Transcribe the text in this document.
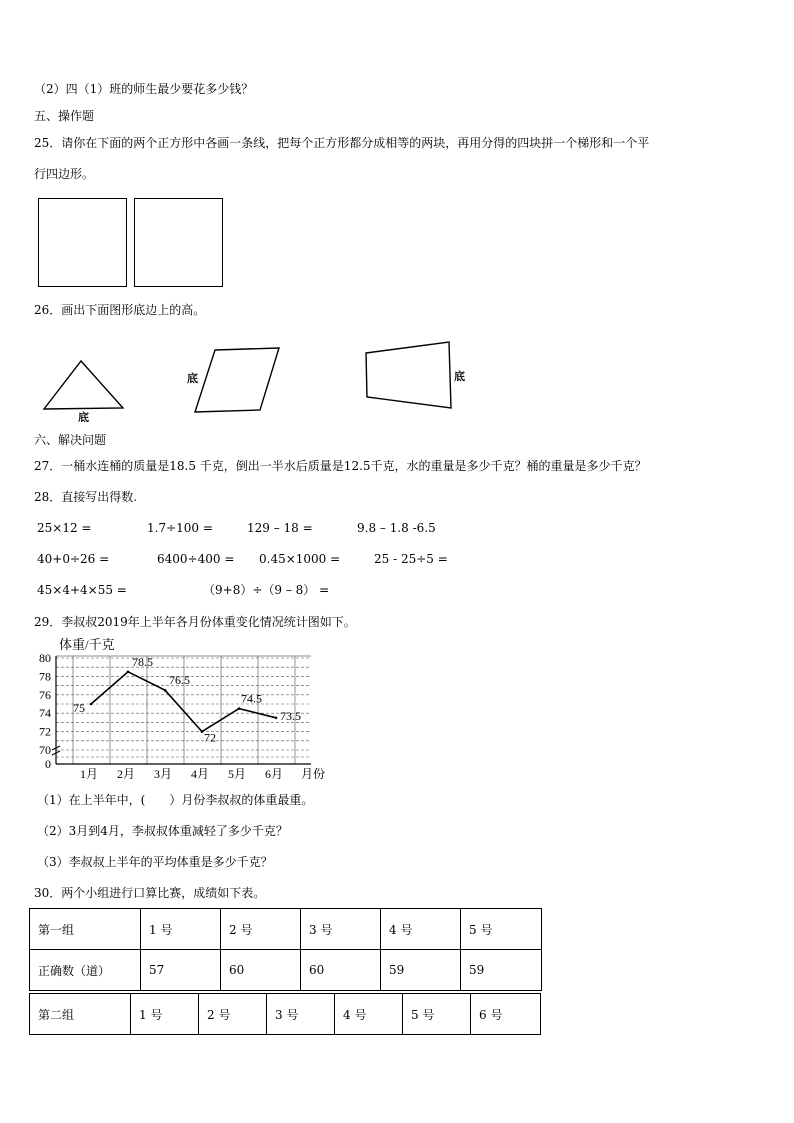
（2）四（1）班的师生最少要花多少钱？
五、操作题
25．请你在下面的两个正方形中各画一条线，把每个正方形都分成相等的两块，再用分得的四块拼一个梯形和一个平
行四边形。
26．画出下面图形底边上的高。
底
底	底
六、解决问题
27．一桶水连桶的质量是18.5 千克，倒出一半水后质量是12.5千克，水的重量是多少千克？桶的重量是多少千克？
28．直接写出得数.
25×12 =	1.7÷100 =	129 – 18 =	9.8 – 1.8 -6.5
40+0÷26 =	6400÷400 = 0.45×1000 =	25 - 25÷5 =
45×4+4×55 =	（9+8）÷（9 – 8） =
29．李叔叔2019年上半年各月份体重变化情况统计图如下。
体重/千克
月份
80
78
76
74
72
70
0
1月 2月 3月 4月 5月 6月
75
78.5
76.5
72
74.5
73.5
（1）在上半年中，(　　）月份李叔叔的体重最重。
（2）3月到4月，李叔叔体重减轻了多少千克？
（3）李叔叔上半年的平均体重是多少千克？
30．两个小组进行口算比赛，成绩如下表。
第一组	1 号	2 号	3 号	4 号	5 号
正确数（道）	57	60	60	59	59
第二组	1 号	2 号	3 号	4 号	5 号	6 号
